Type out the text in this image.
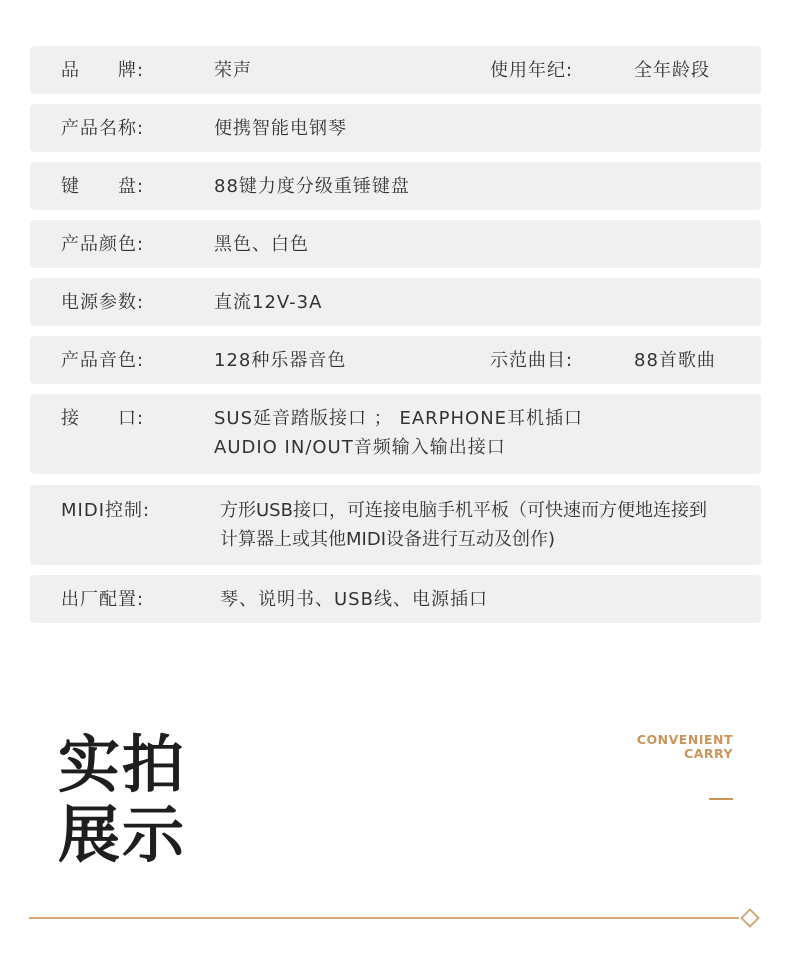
品　　牌:	荣声	使用年纪:	全年龄段
产品名称:	便携智能电钢琴
键　　盘:	88键力度分级重锤键盘
产品颜色:	黑色、白色
电源参数:	直流12V-3A
产品音色:	128种乐器音色	示范曲目:	88首歌曲
接　　口:	SUS延音踏版接口 ； EARPHONE耳机插口
AUDIO IN/OUT音频输入输出接口
MIDI控制:	方形USB接口，可连接电脑手机平板（可快速而方便地连接到
计算器上或其他MIDI设备进行互动及创作)
出厂配置:	琴、说明书、USB线、电源插口
实拍
展示
CONVENIENT
CARRY
